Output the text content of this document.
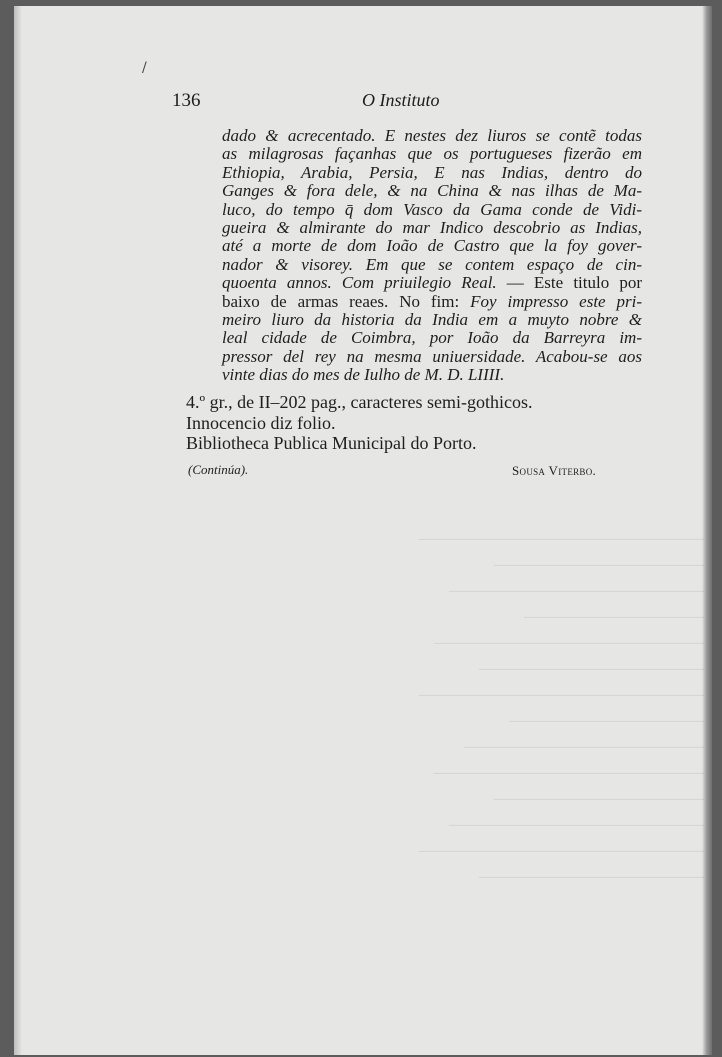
/
136	O Instituto
dado & acrecentado. E nestes dez liuros se contẽ todas
as milagrosas façanhas que os portugueses fizerão em
Ethiopia, Arabia, Persia, E nas Indias, dentro do
Ganges & fora dele, & na China & nas ilhas de Ma-
luco, do tempo q̄ dom Vasco da Gama conde de Vidi-
gueira & almirante do mar Indico descobrio as Indias,
até a morte de dom Ioão de Castro que la foy gover-
nador & visorey. Em que se contem espaço de cin-
quoenta annos. Com priuilegio Real. — Este titulo por
baixo de armas reaes. No fim: Foy impresso este pri-
meiro liuro da historia da India em a muyto nobre &
leal cidade de Coimbra, por Ioão da Barreyra im-
pressor del rey na mesma uniuersidade. Acabou-se aos
vinte dias do mes de Iulho de M. D. LIIII.
4.º gr., de II–202 pag., caracteres semi-gothicos.
Innocencio diz folio.
Bibliotheca Publica Municipal do Porto.
(Continúa).	Sousa Viterbo.
———————————————————
——————————————
—————————————————
————————————
——————————————————
———————————————
———————————————————
—————————————
————————————————
——————————————————
——————————————
—————————————————
———————————————————
———————————————
